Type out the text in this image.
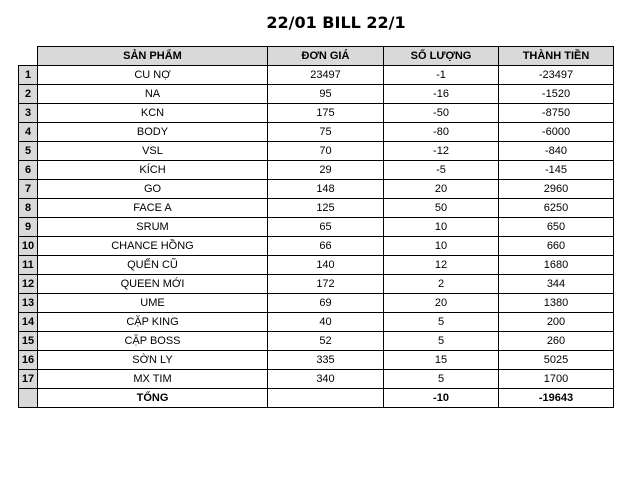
22/01 BILL 22/1
	SẢN PHẨM	ĐƠN GIÁ	SỐ LƯỢNG	THÀNH TIỀN
1	CU NỢ	23497	-1	-23497
2	NA	95	-16	-1520
3	KCN	175	-50	-8750
4	BODY	75	-80	-6000
5	VSL	70	-12	-840
6	KÍCH	29	-5	-145
7	GO	148	20	2960
8	FACE A	125	50	6250
9	SRUM	65	10	650
10	CHANCE HỒNG	66	10	660
11	QUẾN CŨ	140	12	1680
12	QUEEN MỚI	172	2	344
13	UME	69	20	1380
14	CẶP KING	40	5	200
15	CẶP BOSS	52	5	260
16	SỜN LY	335	15	5025
17	MX TIM	340	5	1700
	TỔNG		-10	-19643
